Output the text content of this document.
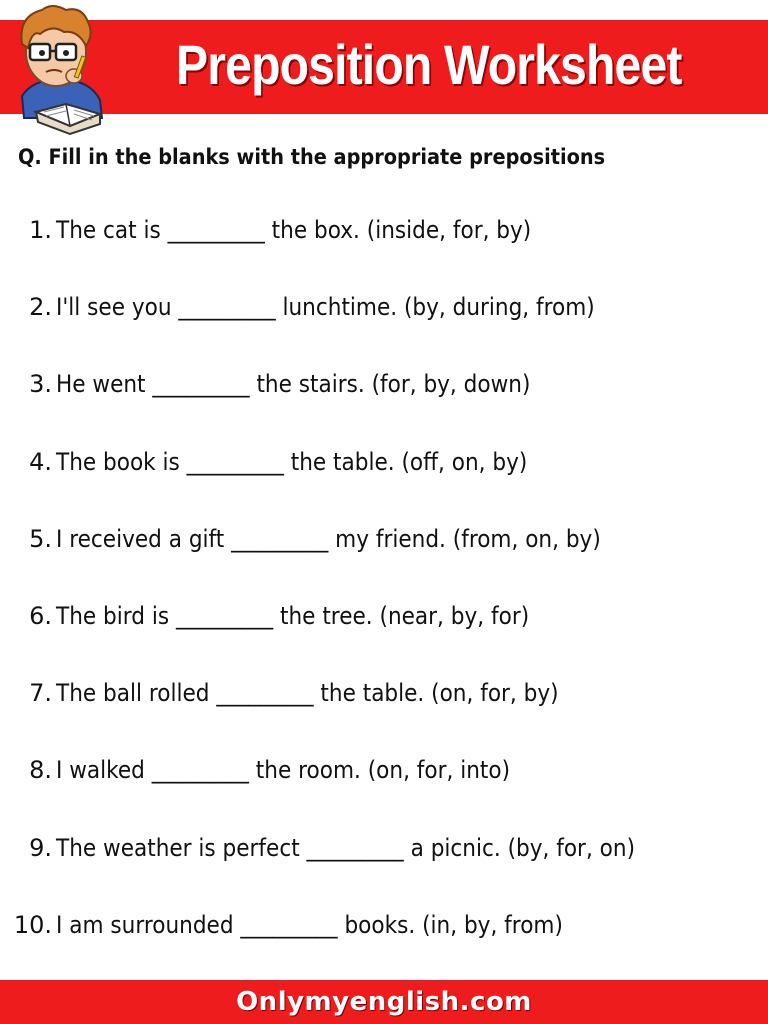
Preposition Worksheet

Q. Fill in the blanks with the appropriate prepositions

1. The cat is _________ the box. (inside, for, by)
2. I'll see you _________ lunchtime. (by, during, from)
3. He went _________ the stairs. (for, by, down)
4. The book is _________ the table. (off, on, by)
5. I received a gift _________ my friend. (from, on, by)
6. The bird is _________ the tree. (near, by, for)
7. The ball rolled _________ the table. (on, for, by)
8. I walked _________ the room. (on, for, into)
9. The weather is perfect _________ a picnic. (by, for, on)
10. I am surrounded _________ books. (in, by, from)
Onlymyenglish.com
